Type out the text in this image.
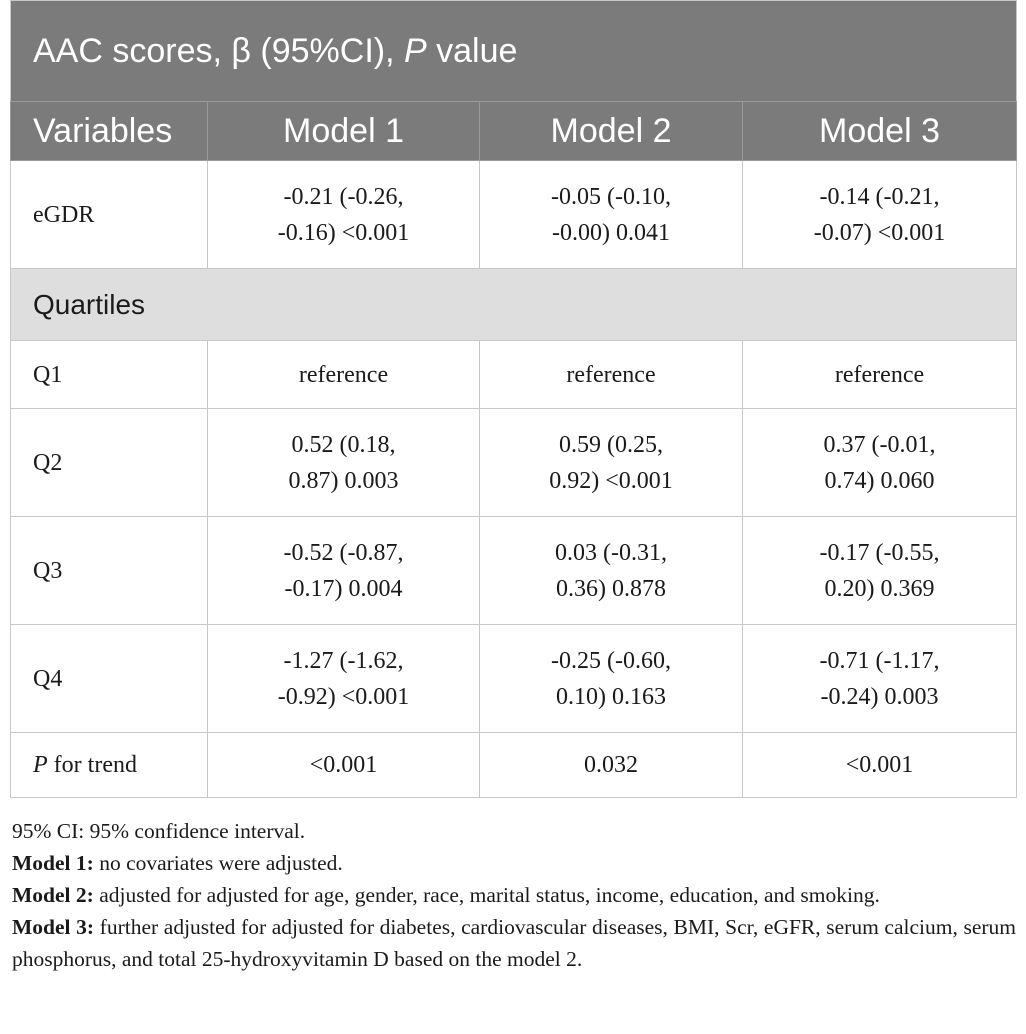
AAC scores, β (95%CI), P value			
Variables	Model 1	Model 2	Model 3
eGDR	-0.21 (-0.26,
-0.16) <0.001	-0.05 (-0.10,
-0.00) 0.041	-0.14 (-0.21,
-0.07) <0.001

Quartiles			
Q1	reference	reference	reference
Q2	0.52 (0.18,
0.87) 0.003	0.59 (0.25,
0.92) <0.001	0.37 (-0.01,
0.74) 0.060

Q3	-0.52 (-0.87,
-0.17) 0.004	0.03 (-0.31,
0.36) 0.878	-0.17 (-0.55,
0.20) 0.369

Q4	-1.27 (-1.62,
-0.92) <0.001	-0.25 (-0.60,
0.10) 0.163	-0.71 (-1.17,
-0.24) 0.003

P for trend	<0.001	0.032	<0.001

95% CI: 95% confidence interval.

Model 1: no covariates were adjusted.

Model 2: adjusted for adjusted for age, gender, race, marital status, income, education, and smoking.

Model 3: further adjusted for adjusted for diabetes, cardiovascular diseases, BMI, Scr, eGFR, serum calcium, serum phosphorus, and total 25-hydroxyvitamin D based on the model 2.
